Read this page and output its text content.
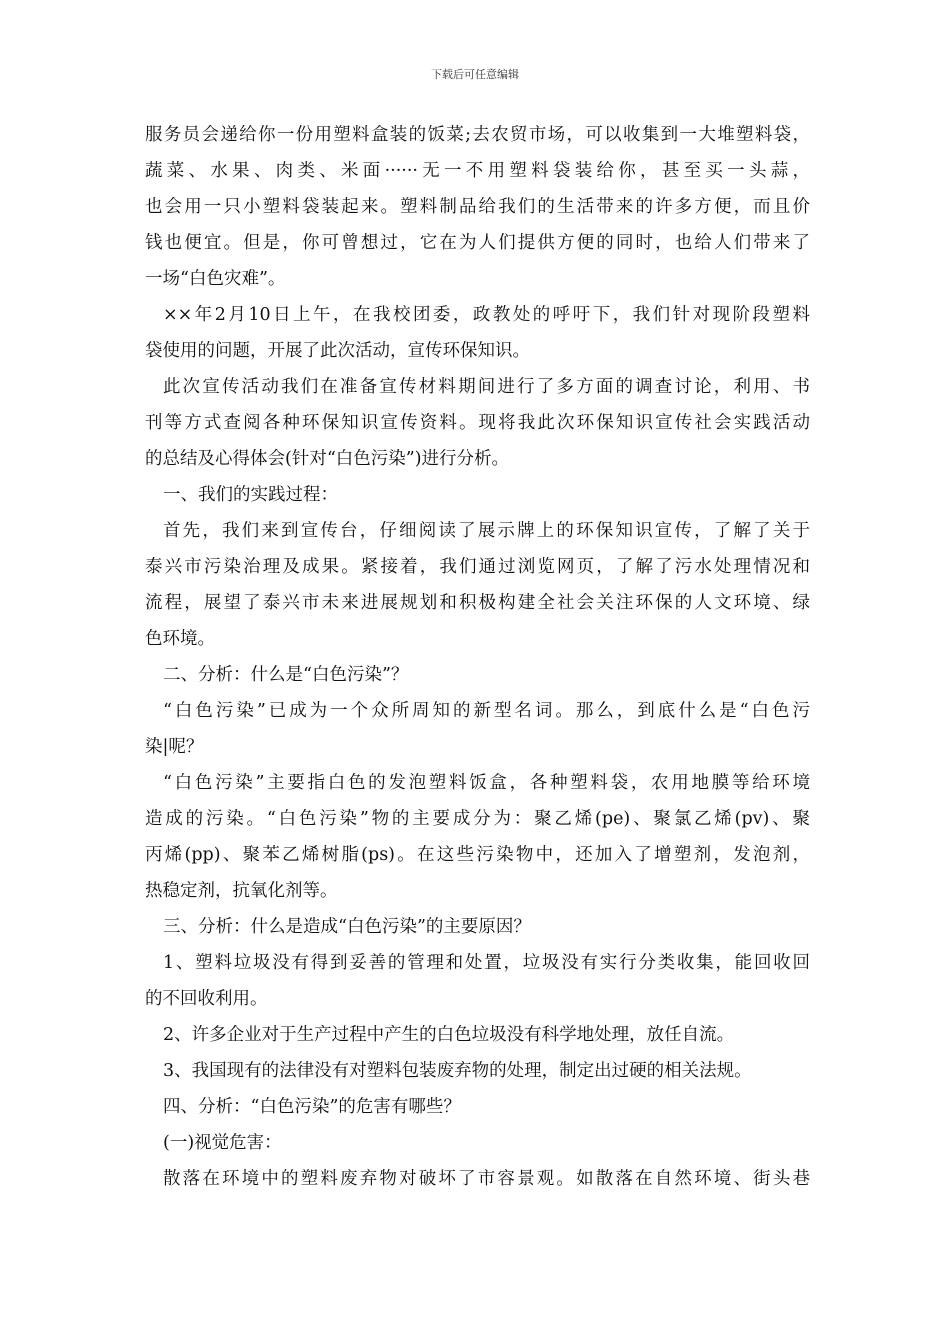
下载后可任意编辑
服务员会递给你一份用塑料盒装的饭菜;去农贸市场，可以收集到一大堆塑料袋，
蔬菜、水果、肉类、米面······无一不用塑料袋装给你，甚至买一头蒜，
也会用一只小塑料袋装起来。塑料制品给我们的生活带来的许多方便，而且价
钱也便宜。但是，你可曾想过，它在为人们提供方便的同时，也给人们带来了
一场“白色灾难”。
××年2月10日上午，在我校团委，政教处的呼吁下，我们针对现阶段塑料
袋使用的问题，开展了此次活动，宣传环保知识。
此次宣传活动我们在准备宣传材料期间进行了多方面的调查讨论，利用、书
刊等方式查阅各种环保知识宣传资料。现将我此次环保知识宣传社会实践活动
的总结及心得体会(针对“白色污染”)进行分析。
一、我们的实践过程：
首先，我们来到宣传台，仔细阅读了展示牌上的环保知识宣传，了解了关于
泰兴市污染治理及成果。紧接着，我们通过浏览网页，了解了污水处理情况和
流程，展望了泰兴市未来进展规划和积极构建全社会关注环保的人文环境、绿
色环境。
二、分析：什么是“白色污染”？
“白色污染”已成为一个众所周知的新型名词。那么，到底什么是“白色污
染|呢？
“白色污染”主要指白色的发泡塑料饭盒，各种塑料袋，农用地膜等给环境
造成的污染。“白色污染”物的主要成分为：聚乙烯(pe)、聚氯乙烯(pv)、聚
丙烯(pp)、聚苯乙烯树脂(ps)。在这些污染物中，还加入了增塑剂，发泡剂，
热稳定剂，抗氧化剂等。
三、分析：什么是造成“白色污染”的主要原因？
1、塑料垃圾没有得到妥善的管理和处置，垃圾没有实行分类收集，能回收回
的不回收利用。
2、许多企业对于生产过程中产生的白色垃圾没有科学地处理，放任自流。
3、我国现有的法律没有对塑料包装废弃物的处理，制定出过硬的相关法规。
四、分析：“白色污染”的危害有哪些？
(一)视觉危害：
散落在环境中的塑料废弃物对破坏了市容景观。如散落在自然环境、街头巷
